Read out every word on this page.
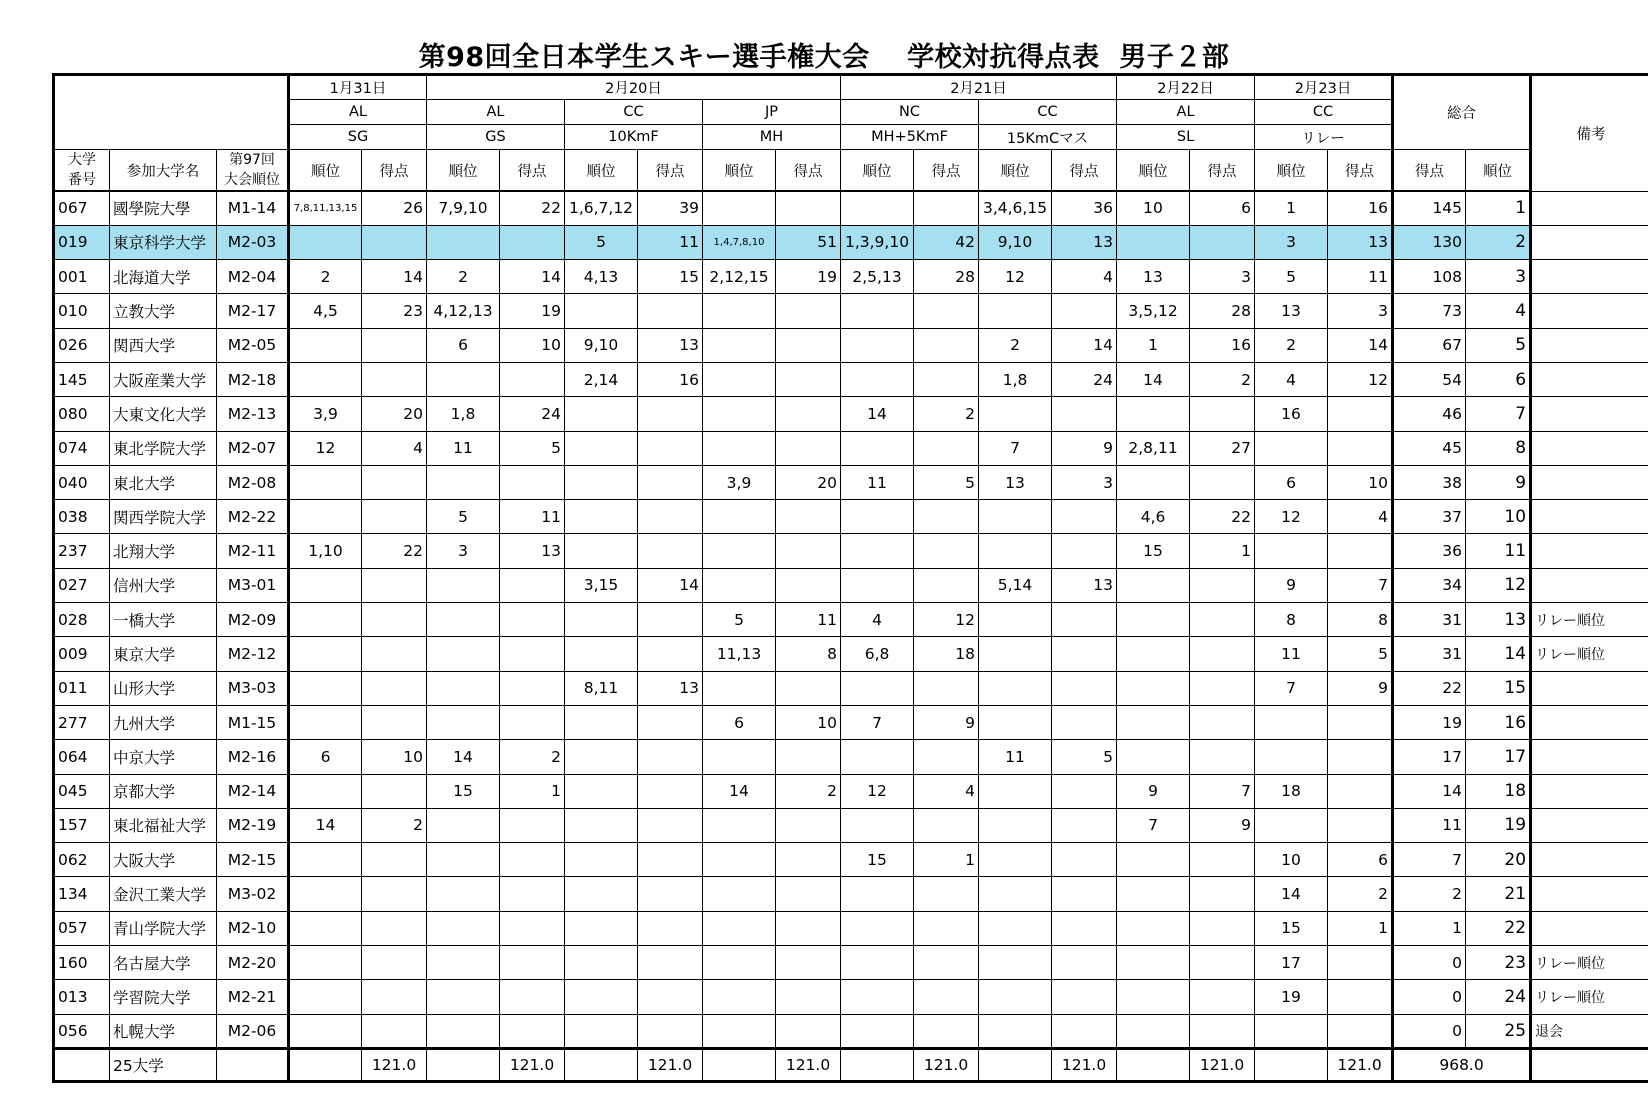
第98回全日本学生スキー選手権大会　 学校対抗得点表  男子２部
			1月31日		2月20日						2月21日				2月22日		2月23日		総合		備考
			AL		AL		CC		JP		NC		CC		AL		CC				
			SG		GS		10KmF		MH		MH+5KmF		15KmCマス		SL		リレー				
大学
番号	参加大学名	第97回
大会順位	順位	得点	順位	得点	順位	得点	順位	得点	順位	得点	順位	得点	順位	得点	順位	得点	得点	順位	
067	國學院大學	M1-14	7,8,11,13,15	26	7,9,10	22	1,6,7,12	39					3,4,6,15	36	10	6	1	16	145	1	
019	東京科学大学	M2-03					5	11	1,4,7,8,10	51	1,3,9,10	42	9,10	13			3	13	130	2	
001	北海道大学	M2-04	2	14	2	14	4,13	15	2,12,15	19	2,5,13	28	12	4	13	3	5	11	108	3	
010	立教大学	M2-17	4,5	23	4,12,13	19									3,5,12	28	13	3	73	4	
026	関西大学	M2-05			6	10	9,10	13					2	14	1	16	2	14	67	5	
145	大阪産業大学	M2-18					2,14	16					1,8	24	14	2	4	12	54	6	
080	大東文化大学	M2-13	3,9	20	1,8	24					14	2					16		46	7	
074	東北学院大学	M2-07	12	4	11	5							7	9	2,8,11	27			45	8	
040	東北大学	M2-08							3,9	20	11	5	13	3			6	10	38	9	
038	関西学院大学	M2-22			5	11									4,6	22	12	4	37	10	
237	北翔大学	M2-11	1,10	22	3	13									15	1			36	11	
027	信州大学	M3-01					3,15	14					5,14	13			9	7	34	12	
028	一橋大学	M2-09							5	11	4	12					8	8	31	13	リレー順位
009	東京大学	M2-12							11,13	8	6,8	18					11	5	31	14	リレー順位
011	山形大学	M3-03					8,11	13									7	9	22	15	
277	九州大学	M1-15							6	10	7	9							19	16	
064	中京大学	M2-16	6	10	14	2							11	5					17	17	
045	京都大学	M2-14			15	1			14	2	12	4			9	7	18		14	18	
157	東北福祉大学	M2-19	14	2											7	9			11	19	
062	大阪大学	M2-15									15	1					10	6	7	20	
134	金沢工業大学	M3-02															14	2	2	21	
057	青山学院大学	M2-10															15	1	1	22	
160	名古屋大学	M2-20															17		0	23	リレー順位
013	学習院大学	M2-21															19		0	24	リレー順位
056	札幌大学	M2-06																	0	25	退会
	25大学			121.0		121.0		121.0		121.0		121.0		121.0		121.0		121.0	968.0		
